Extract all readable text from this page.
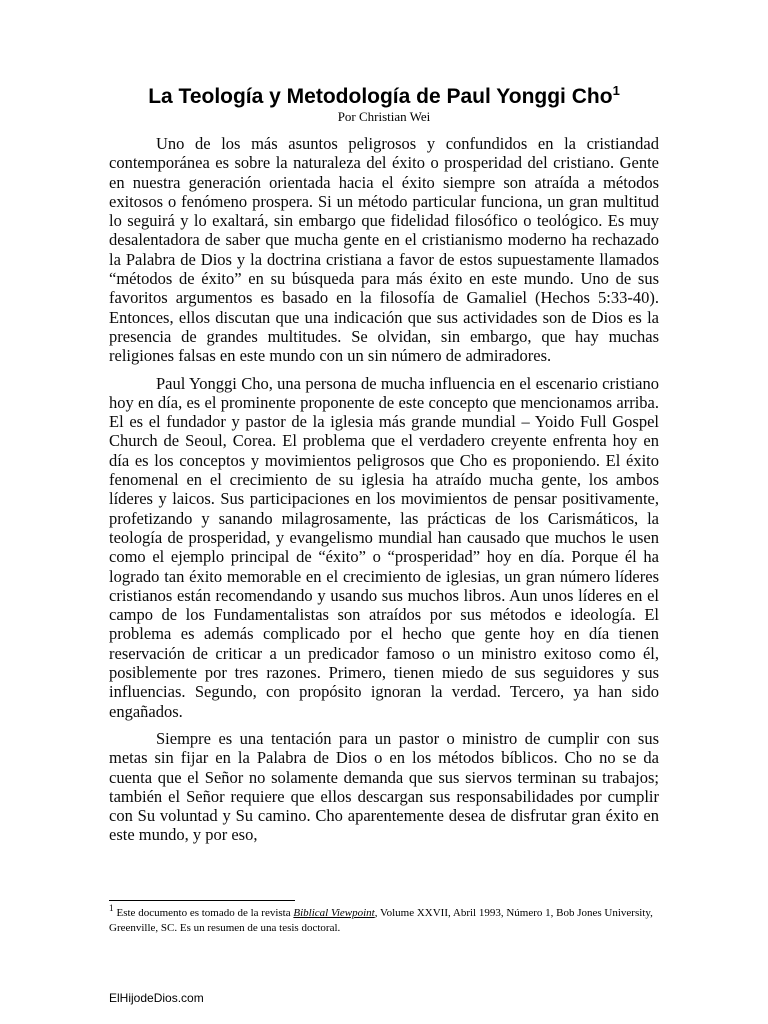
La Teología y Metodología de Paul Yonggi Cho$^1$
Por Christian Wei

Uno de los más asuntos peligrosos y confundidos en la cristiandad contemporánea es sobre la naturaleza del éxito o prosperidad del cristiano. Gente en nuestra generación orientada hacia el éxito siempre son atraída a métodos exitosos o fenómeno prospera. Si un método particular funciona, un gran multitud lo seguirá y lo exaltará, sin embargo que fidelidad filosófico o teológico. Es muy desalentadora de saber que mucha gente en el cristianismo moderno ha rechazado la Palabra de Dios y la doctrina cristiana a favor de estos supuestamente llamados “métodos de éxito” en su búsqueda para más éxito en este mundo. Uno de sus favoritos argumentos es basado en la filosofía de Gamaliel (Hechos 5:33-40). Entonces, ellos discutan que una indicación que sus actividades son de Dios es la presencia de grandes multitudes. Se olvidan, sin embargo, que hay muchas religiones falsas en este mundo con un sin número de admiradores.

Paul Yonggi Cho, una persona de mucha influencia en el escenario cristiano hoy en día, es el prominente proponente de este concepto que mencionamos arriba. El es el fundador y pastor de la iglesia más grande mundial – Yoido Full Gospel Church de Seoul, Corea. El problema que el verdadero creyente enfrenta hoy en día es los conceptos y movimientos peligrosos que Cho es proponiendo. El éxito fenomenal en el crecimiento de su iglesia ha atraído mucha gente, los ambos líderes y laicos. Sus participaciones en los movimientos de pensar positivamente, profetizando y sanando milagrosamente, las prácticas de los Carismáticos, la teología de prosperidad, y evangelismo mundial han causado que muchos le usen como el ejemplo principal de “éxito” o “prosperidad” hoy en día. Porque él ha logrado tan éxito memorable en el crecimiento de iglesias, un gran número líderes cristianos están recomendando y usando sus muchos libros. Aun unos líderes en el campo de los Fundamentalistas son atraídos por sus métodos e ideología. El problema es además complicado por el hecho que gente hoy en día tienen reservación de criticar a un predicador famoso o un ministro exitoso como él, posiblemente por tres razones. Primero, tienen miedo de sus seguidores y sus influencias. Segundo, con propósito ignoran la verdad. Tercero, ya han sido engañados.

Siempre es una tentación para un pastor o ministro de cumplir con sus metas sin fijar en la Palabra de Dios o en los métodos bíblicos. Cho no se da cuenta que el Señor no solamente demanda que sus siervos terminan su trabajos; también el Señor requiere que ellos descargan sus responsabilidades por cumplir con Su voluntad y Su camino. Cho aparentemente desea de disfrutar gran éxito en este mundo, y por eso,

$^1$ Este documento es tomado de la revista Biblical Viewpoint, Volume XXVII, Abril 1993, Número 1, Bob Jones University, Greenville, SC. Es un resumen de una tesis doctoral.
ElHijodeDios.com
